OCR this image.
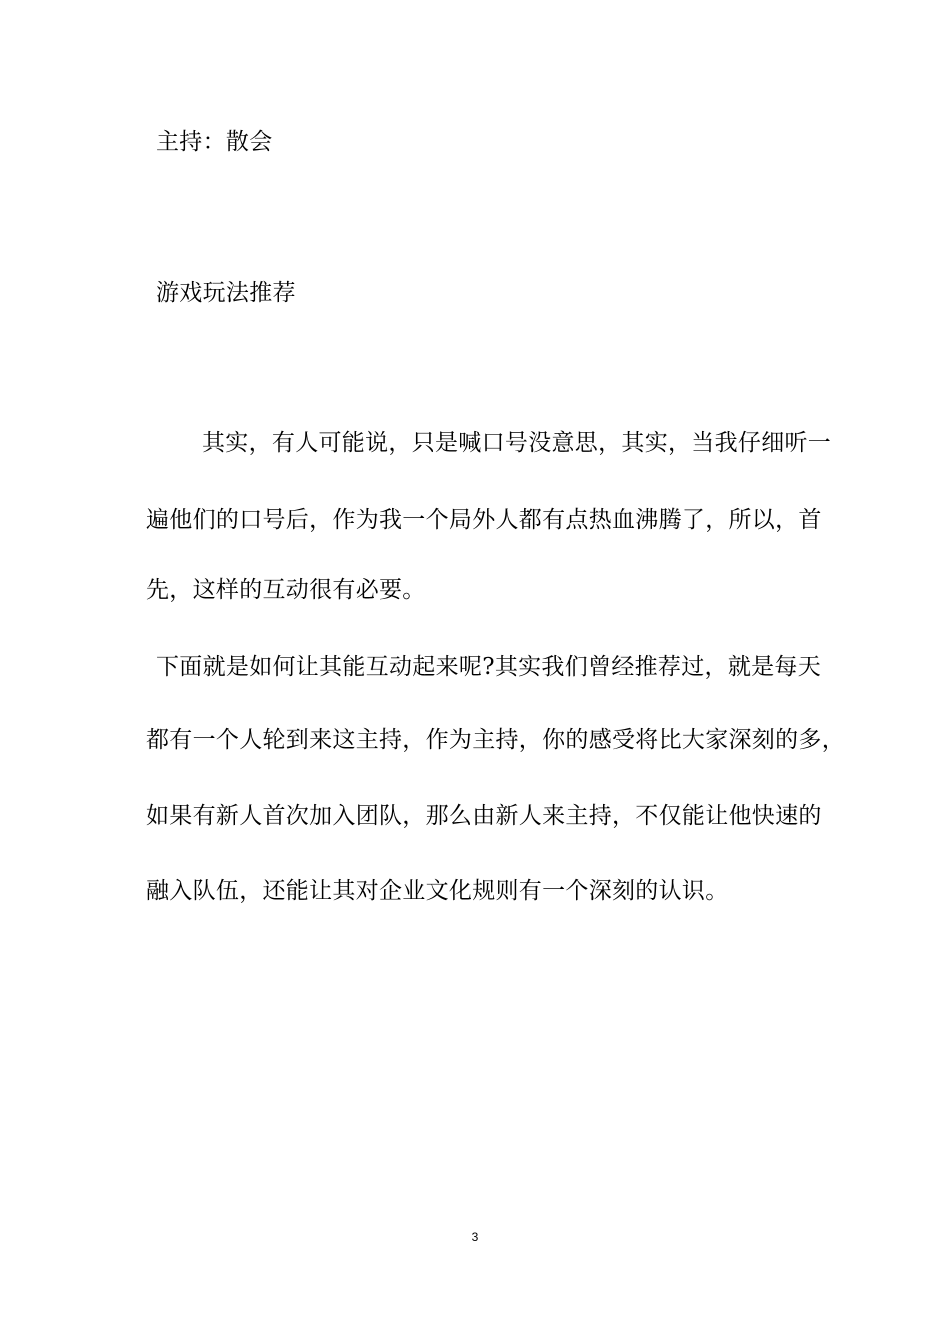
主持：散会
游戏玩法推荐
其实，有人可能说，只是喊口号没意思，其实，当我仔细听一
遍他们的口号后，作为我一个局外人都有点热血沸腾了，所以，首
先，这样的互动很有必要。
下面就是如何让其能互动起来呢?其实我们曾经推荐过，就是每天
都有一个人轮到来这主持，作为主持，你的感受将比大家深刻的多，
如果有新人首次加入团队，那么由新人来主持，不仅能让他快速的
融入队伍，还能让其对企业文化规则有一个深刻的认识。
3
